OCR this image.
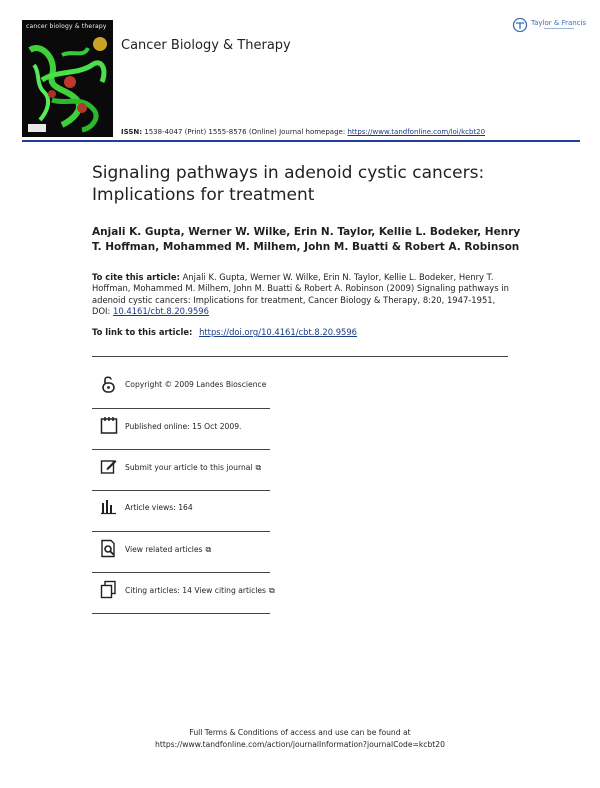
cancer biology & therapy
Cancer Biology & Therapy
Taylor & Francis
ISSN: 1538-4047 (Print) 1555-8576 (Online) Journal homepage: https://www.tandfonline.com/loi/kcbt20
Signaling pathways in adenoid cystic cancers: Implications for treatment
Anjali K. Gupta, Werner W. Wilke, Erin N. Taylor, Kellie L. Bodeker, Henry T. Hoffman, Mohammed M. Milhem, John M. Buatti & Robert A. Robinson
To cite this article: Anjali K. Gupta, Werner W. Wilke, Erin N. Taylor, Kellie L. Bodeker, Henry T. Hoffman, Mohammed M. Milhem, John M. Buatti & Robert A. Robinson (2009) Signaling pathways in adenoid cystic cancers: Implications for treatment, Cancer Biology & Therapy, 8:20, 1947-1951, DOI: 10.4161/cbt.8.20.9596
To link to this article: https://doi.org/10.4161/cbt.8.20.9596
Copyright © 2009 Landes Bioscience
Published online: 15 Oct 2009.
Submit your article to this journal ⧉
Article views: 164
View related articles ⧉
Citing articles: 14 View citing articles ⧉
Full Terms & Conditions of access and use can be found at
https://www.tandfonline.com/action/journalInformation?journalCode=kcbt20
